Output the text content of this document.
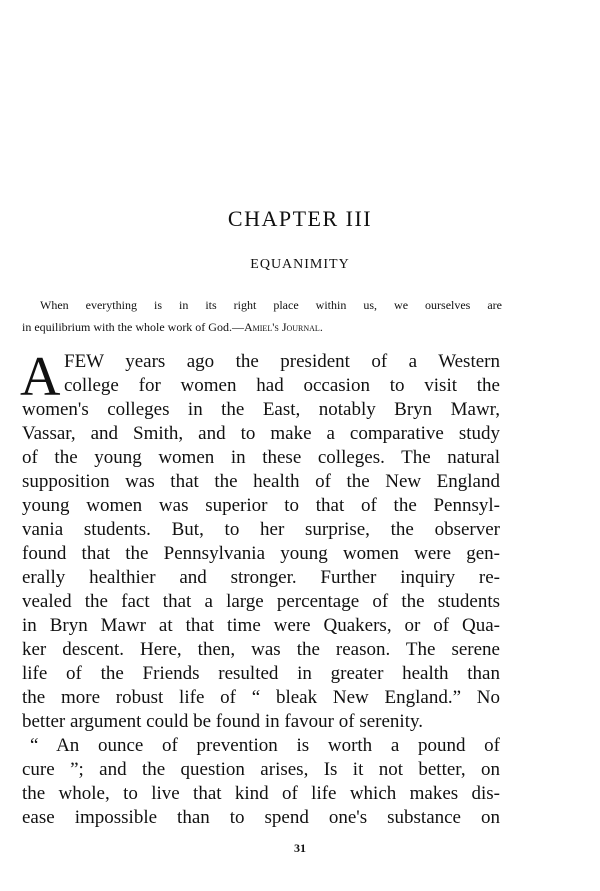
CHAPTER III
EQUANIMITY
When everything is in its right place within us, we ourselves are
in equilibrium with the whole work of God.—Amiel's Journal.
A FEW years ago the president of a Western
college for women had occasion to visit the
women's colleges in the East, notably Bryn Mawr,
Vassar, and Smith, and to make a comparative study
of the young women in these colleges. The natural
supposition was that the health of the New England
young women was superior to that of the Pennsyl-
vania students. But, to her surprise, the observer
found that the Pennsylvania young women were gen-
erally healthier and stronger. Further inquiry re-
vealed the fact that a large percentage of the students
in Bryn Mawr at that time were Quakers, or of Qua-
ker descent. Here, then, was the reason. The serene
life of the Friends resulted in greater health than
the more robust life of “ bleak New England.” No
better argument could be found in favour of serenity.
“ An ounce of prevention is worth a pound of
cure ”; and the question arises, Is it not better, on
the whole, to live that kind of life which makes dis-
ease impossible than to spend one's substance on
31
